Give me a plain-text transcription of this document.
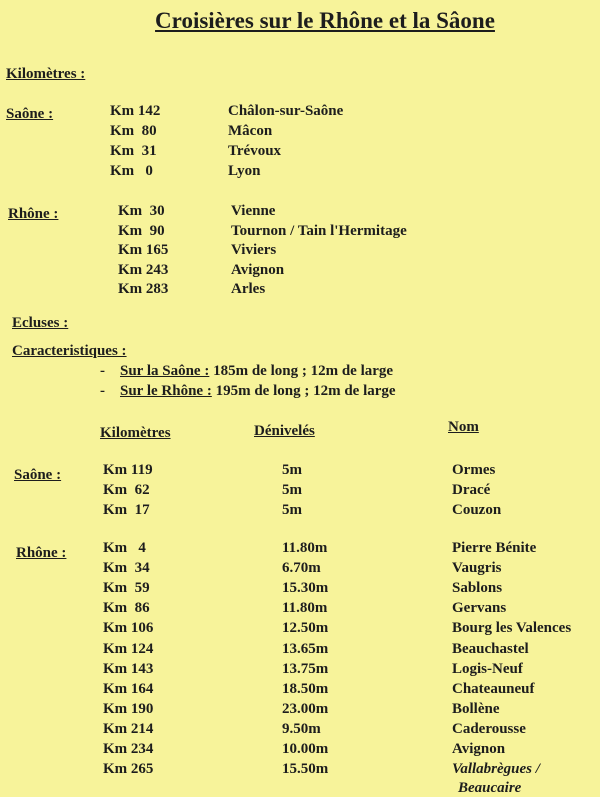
Croisières sur le Rhône et la Sâone
Kilomètres :
Saône :	Km 142	Châlon-sur-Saône
Km  80	Mâcon
Km  31	Trévoux
Km   0	Lyon
Rhône :	Km  30	Vienne
Km  90	Tournon / Tain l'Hermitage
Km 165	Viviers
Km 243	Avignon
Km 283	Arles
Ecluses :
Caracteristiques :
- Sur la Saône : 185m de long ; 12m de large
- Sur le Rhône : 195m de long ; 12m de large
Kilomètres	Dénivelés	Nom
Saône :	Km 119	5m	Ormes
Km  62	5m	Dracé
Km  17	5m	Couzon
Rhône : Km   4	11.80m	Pierre Bénite
Km  34	6.70m	Vaugris
Km  59	15.30m	Sablons
Km  86	11.80m	Gervans
Km 106	12.50m	Bourg les Valences
Km 124	13.65m	Beauchastel
Km 143	13.75m	Logis-Neuf
Km 164	18.50m	Chateauneuf
Km 190	23.00m	Bollène
Km 214	9.50m	Caderousse
Km 234	10.00m	Avignon
Km 265	15.50m	Vallabrègues /
Beaucaire
